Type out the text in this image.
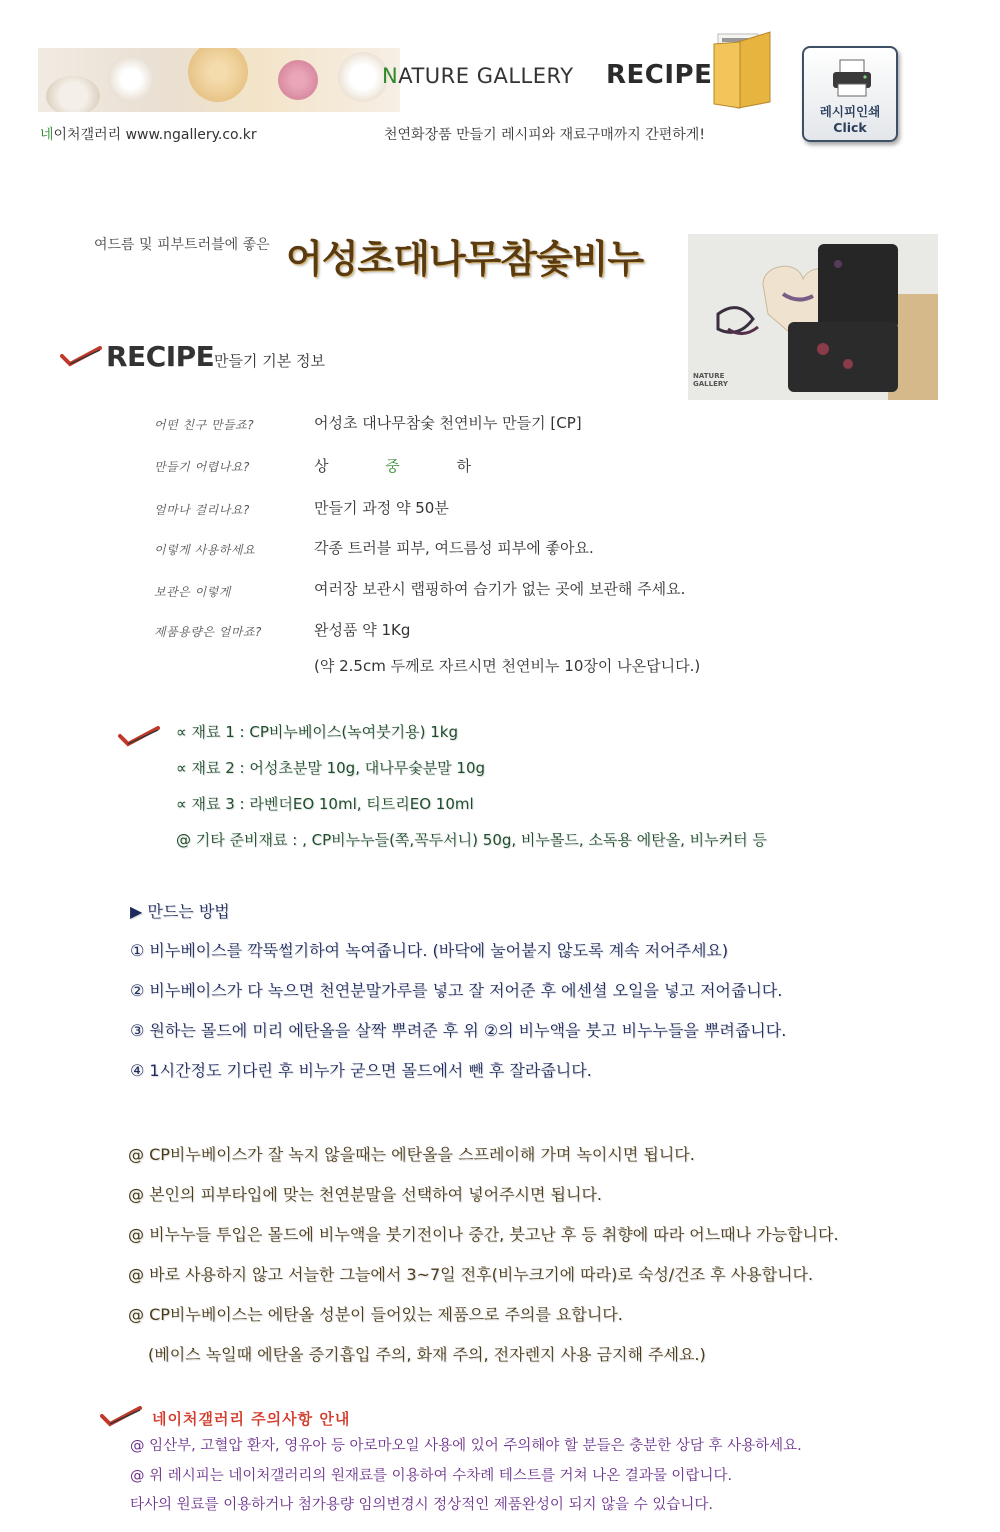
NATURE GALLERY RECIPE
네이처갤러리 www.ngallery.co.kr	천연화장품 만들기 레시피와 재료구매까지 간편하게!
레시피인쇄
Click
여드름 및 피부트러블에 좋은 어성초대나무참숯비누
NATURE
GALLERY
RECIPE 만들기 기본 정보
어떤 친구 만들죠?	어성초 대나무참숯 천연비누 만들기 [CP]
만들기 어렵나요?	상	중	하
얼마나 걸리나요?	만들기 과정 약 50분
이렇게 사용하세요	각종 트러블 피부, 여드름성 피부에 좋아요.
보관은 이렇게	여러장 보관시 랩핑하여 습기가 없는 곳에 보관해 주세요.
제품용량은 얼마죠?	완성품 약 1Kg
(약 2.5cm 두께로 자르시면 천연비누 10장이 나온답니다.)
∝ 재료 1 : CP비누베이스(녹여붓기용) 1kg
∝ 재료 2 : 어성초분말 10g, 대나무숯분말 10g
∝ 재료 3 : 라벤더EO 10ml, 티트리EO 10ml
@ 기타 준비재료 : , CP비누누들(쪽,꼭두서니) 50g, 비누몰드, 소독용 에탄올, 비누커터 등
▶ 만드는 방법
① 비누베이스를 깍뚝썰기하여 녹여줍니다. (바닥에 눌어붙지 않도록 계속 저어주세요)
② 비누베이스가 다 녹으면 천연분말가루를 넣고 잘 저어준 후 에센셜 오일을 넣고 저어줍니다.
③ 원하는 몰드에 미리 에탄올을 살짝 뿌려준 후 위 ②의 비누액을 붓고 비누누들을 뿌려줍니다.
④ 1시간정도 기다린 후 비누가 굳으면 몰드에서 뺀 후 잘라줍니다.
@ CP비누베이스가 잘 녹지 않을때는 에탄올을 스프레이해 가며 녹이시면 됩니다.
@ 본인의 피부타입에 맞는 천연분말을 선택하여 넣어주시면 됩니다.
@ 비누누들 투입은 몰드에 비누액을 붓기전이나 중간, 붓고난 후 등 취향에 따라 어느때나 가능합니다.
@ 바로 사용하지 않고 서늘한 그늘에서 3~7일 전후(비누크기에 따라)로 숙성/건조 후 사용합니다.
@ CP비누베이스는 에탄올 성분이 들어있는 제품으로 주의를 요합니다.
(베이스 녹일때 에탄올 증기흡입 주의, 화재 주의, 전자렌지 사용 금지해 주세요.)
네이처갤러리 주의사항 안내
@ 임산부, 고혈압 환자, 영유아 등 아로마오일 사용에 있어 주의해야 할 분들은 충분한 상담 후 사용하세요.
@ 위 레시피는 네이처갤러리의 원재료를 이용하여 수차례 테스트를 거쳐 나온 결과물 이랍니다.
타사의 원료를 이용하거나 첨가용량 임의변경시 정상적인 제품완성이 되지 않을 수 있습니다.
